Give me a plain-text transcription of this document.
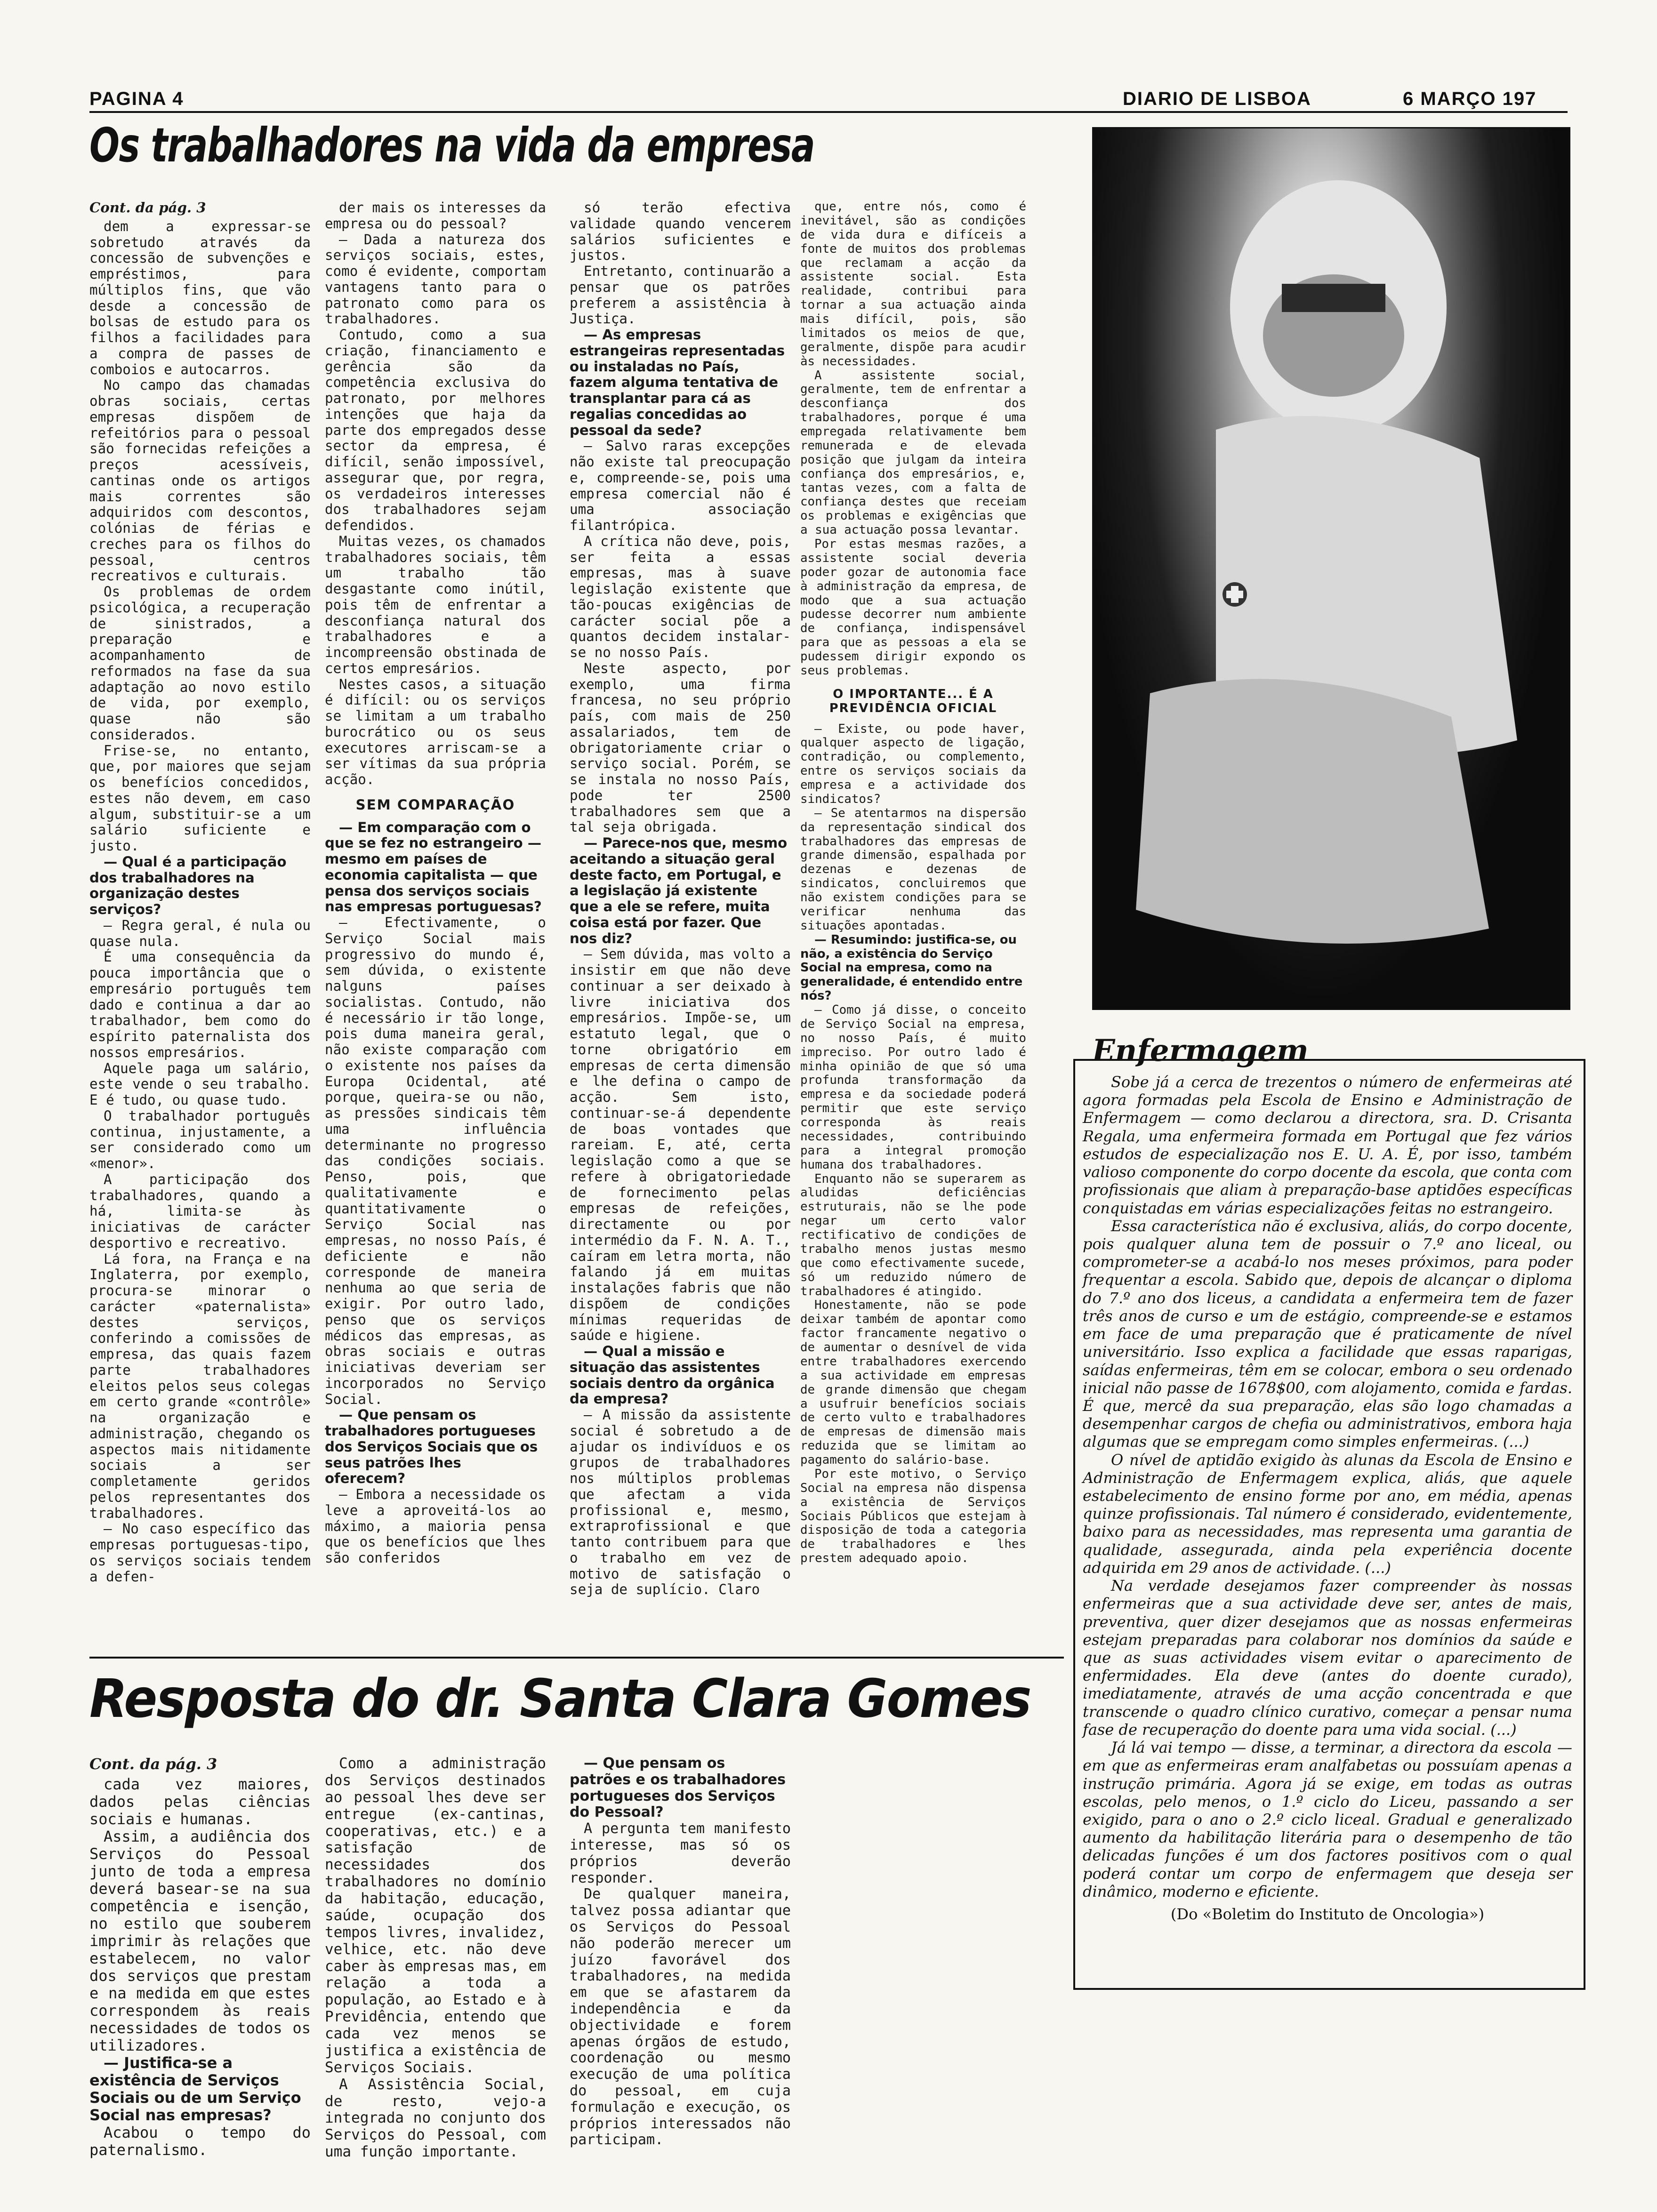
PAGINA 4	DIARIO DE LISBOA	6 MARÇO 197
Os trabalhadores na vida da empresa

Cont. da pág. 3

dem a expressar-se sobretudo através da concessão de subvenções e empréstimos, para múltiplos fins, que vão desde a concessão de bolsas de estudo para os filhos a facilidades para a compra de passes de comboios e autocarros.

No campo das chamadas obras sociais, certas empresas dispõem de refeitórios para o pessoal são fornecidas refeições a preços acessíveis, cantinas onde os artigos mais correntes são adquiridos com descontos, colónias de férias e creches para os filhos do pessoal, centros recreativos e culturais.

Os problemas de ordem psicológica, a recuperação de sinistrados, a preparação e acompanhamento de reformados na fase da sua adaptação ao novo estilo de vida, por exemplo, quase não são considerados.

Frise-se, no entanto, que, por maiores que sejam os benefícios concedidos, estes não devem, em caso algum, substituir-se a um salário suficiente e justo.

— Qual é a participação dos trabalhadores na organização destes serviços?

— Regra geral, é nula ou quase nula.

É uma consequência da pouca importância que o empresário português tem dado e continua a dar ao trabalhador, bem como do espírito paternalista dos nossos empresários.

Aquele paga um salário, este vende o seu trabalho. E é tudo, ou quase tudo.

O trabalhador português continua, injustamente, a ser considerado como um «menor».

A participação dos trabalhadores, quando a há, limita-se às iniciativas de carácter desportivo e recreativo.

Lá fora, na França e na Inglaterra, por exemplo, procura-se minorar o carácter «paternalista» destes serviços, conferindo a comissões de empresa, das quais fazem parte trabalhadores eleitos pelos seus colegas em certo grande «contrôle» na organização e administração, chegando os aspectos mais nitidamente sociais a ser completamente geridos pelos representantes dos trabalhadores.

— No caso específico das empresas portuguesas-tipo, os serviços sociais tendem a defen-

der mais os interesses da empresa ou do pessoal?

— Dada a natureza dos serviços sociais, estes, como é evidente, comportam vantagens tanto para o patronato como para os trabalhadores.

Contudo, como a sua criação, financiamento e gerência são da competência exclusiva do patronato, por melhores intenções que haja da parte dos empregados desse sector da empresa, é difícil, senão impossível, assegurar que, por regra, os verdadeiros interesses dos trabalhadores sejam defendidos.

Muitas vezes, os chamados trabalhadores sociais, têm um trabalho tão desgastante como inútil, pois têm de enfrentar a desconfiança natural dos trabalhadores e a incompreensão obstinada de certos empresários.

Nestes casos, a situação é difícil: ou os serviços se limitam a um trabalho burocrático ou os seus executores arriscam-se a ser vítimas da sua própria acção.

SEM COMPARAÇÃO

— Em comparação com o que se fez no estrangeiro — mesmo em países de economia capitalista — que pensa dos serviços sociais nas empresas portuguesas?

— Efectivamente, o Serviço Social mais progressivo do mundo é, sem dúvida, o existente nalguns países socialistas. Contudo, não é necessário ir tão longe, pois duma maneira geral, não existe comparação com o existente nos países da Europa Ocidental, até porque, queira-se ou não, as pressões sindicais têm uma influência determinante no progresso das condições sociais. Penso, pois, que qualitativamente e quantitativamente o Serviço Social nas empresas, no nosso País, é deficiente e não corresponde de maneira nenhuma ao que seria de exigir. Por outro lado, penso que os serviços médicos das empresas, as obras sociais e outras iniciativas deveriam ser incorporados no Serviço Social.

— Que pensam os trabalhadores portugueses dos Serviços Sociais que os seus patrões lhes oferecem?

— Embora a necessidade os leve a aproveitá-los ao máximo, a maioria pensa que os benefícios que lhes são conferidos

só terão efectiva validade quando vencerem salários suficientes e justos.

Entretanto, continuarão a pensar que os patrões preferem a assistência à Justiça.

— As empresas estrangeiras representadas ou instaladas no País, fazem alguma tentativa de transplantar para cá as regalias concedidas ao pessoal da sede?

— Salvo raras excepções não existe tal preocupação e, compreende-se, pois uma empresa comercial não é uma associação filantrópica.

A crítica não deve, pois, ser feita a essas empresas, mas à suave legislação existente que tão-poucas exigências de carácter social põe a quantos decidem instalar-se no nosso País.

Neste aspecto, por exemplo, uma firma francesa, no seu próprio país, com mais de 250 assalariados, tem de obrigatoriamente criar o serviço social. Porém, se se instala no nosso País, pode ter 2500 trabalhadores sem que a tal seja obrigada.

— Parece-nos que, mesmo aceitando a situação geral deste facto, em Portugal, e a legislação já existente que a ele se refere, muita coisa está por fazer. Que nos diz?

— Sem dúvida, mas volto a insistir em que não deve continuar a ser deixado à livre iniciativa dos empresários. Impõe-se, um estatuto legal, que o torne obrigatório em empresas de certa dimensão e lhe defina o campo de acção. Sem isto, continuar-se-á dependente de boas vontades que rareiam. E, até, certa legislação como a que se refere à obrigatoriedade de fornecimento pelas empresas de refeições, directamente ou por intermédio da F. N. A. T., caíram em letra morta, não falando já em muitas instalações fabris que não dispõem de condições mínimas requeridas de saúde e higiene.

— Qual a missão e situação das assistentes sociais dentro da orgânica da empresa?

— A missão da assistente social é sobretudo a de ajudar os indivíduos e os grupos de trabalhadores nos múltiplos problemas que afectam a vida profissional e, mesmo, extraprofissional e que tanto contribuem para que o trabalho em vez de motivo de satisfação o seja de suplício. Claro

que, entre nós, como é inevitável, são as condições de vida dura e difíceis a fonte de muitos dos problemas que reclamam a acção da assistente social. Esta realidade, contribui para tornar a sua actuação ainda mais difícil, pois, são limitados os meios de que, geralmente, dispõe para acudir às necessidades.

A assistente social, geralmente, tem de enfrentar a desconfiança dos trabalhadores, porque é uma empregada relativamente bem remunerada e de elevada posição que julgam da inteira confiança dos empresários, e, tantas vezes, com a falta de confiança destes que receiam os problemas e exigências que a sua actuação possa levantar.

Por estas mesmas razões, a assistente social deveria poder gozar de autonomia face à administração da empresa, de modo que a sua actuação pudesse decorrer num ambiente de confiança, indispensável para que as pessoas a ela se pudessem dirigir expondo os seus problemas.

O IMPORTANTE... É A PREVIDÊNCIA OFICIAL

— Existe, ou pode haver, qualquer aspecto de ligação, contradição, ou complemento, entre os serviços sociais da empresa e a actividade dos sindicatos?

— Se atentarmos na dispersão da representação sindical dos trabalhadores das empresas de grande dimensão, espalhada por dezenas e dezenas de sindicatos, concluiremos que não existem condições para se verificar nenhuma das situações apontadas.

— Resumindo: justifica-se, ou não, a existência do Serviço Social na empresa, como na generalidade, é entendido entre nós?

— Como já disse, o conceito de Serviço Social na empresa, no nosso País, é muito impreciso. Por outro lado é minha opinião de que só uma profunda transformação da empresa e da sociedade poderá permitir que este serviço corresponda às reais necessidades, contribuindo para a integral promoção humana dos trabalhadores.

Enquanto não se superarem as aludidas deficiências estruturais, não se lhe pode negar um certo valor rectificativo de condições de trabalho menos justas mesmo que como efectivamente sucede, só um reduzido número de trabalhadores é atingido.

Honestamente, não se pode deixar também de apontar como factor francamente negativo o de aumentar o desnível de vida entre trabalhadores exercendo a sua actividade em empresas de grande dimensão que chegam a usufruir benefícios sociais de certo vulto e trabalhadores de empresas de dimensão mais reduzida que se limitam ao pagamento do salário-base.

Por este motivo, o Serviço Social na empresa não dispensa a existência de Serviços Sociais Públicos que estejam à disposição de toda a categoria de trabalhadores e lhes prestem adequado apoio.

Resposta do dr. Santa Clara Gomes

Cont. da pág. 3

cada vez maiores, dados pelas ciências sociais e humanas.

Assim, a audiência dos Serviços do Pessoal junto de toda a empresa deverá basear-se na sua competência e isenção, no estilo que souberem imprimir às relações que estabelecem, no valor dos serviços que prestam e na medida em que estes correspondem às reais necessidades de todos os utilizadores.

— Justifica-se a existência de Serviços Sociais ou de um Serviço Social nas empresas?

Acabou o tempo do paternalismo.

Como a administração dos Serviços destinados ao pessoal lhes deve ser entregue (ex-cantinas, cooperativas, etc.) e a satisfação de necessidades dos trabalhadores no domínio da habitação, educação, saúde, ocupação dos tempos livres, invalidez, velhice, etc. não deve caber às empresas mas, em relação a toda a população, ao Estado e à Previdência, entendo que cada vez menos se justifica a existência de Serviços Sociais.

A Assistência Social, de resto, vejo-a integrada no conjunto dos Serviços do Pessoal, com uma função importante.

— Que pensam os patrões e os trabalhadores portugueses dos Serviços do Pessoal?

A pergunta tem manifesto interesse, mas só os próprios deverão responder.

De qualquer maneira, talvez possa adiantar que os Serviços do Pessoal não poderão merecer um juízo favorável dos trabalhadores, na medida em que se afastarem da independência e da objectividade e forem apenas órgãos de estudo, coordenação ou mesmo execução de uma política do pessoal, em cuja formulação e execução, os próprios interessados não participam.

Enfermagem

Sobe já a cerca de trezentos o número de enfermeiras até agora formadas pela Escola de Ensino e Administração de Enfermagem — como declarou a directora, sra. D. Crisanta Regala, uma enfermeira formada em Portugal que fez vários estudos de especialização nos E. U. A. É, por isso, também valioso componente do corpo docente da escola, que conta com profissionais que aliam à preparação-base aptidões específicas conquistadas em várias especializações feitas no estrangeiro.

Essa característica não é exclusiva, aliás, do corpo docente, pois qualquer aluna tem de possuir o 7.º ano liceal, ou comprometer-se a acabá-lo nos meses próximos, para poder frequentar a escola. Sabido que, depois de alcançar o diploma do 7.º ano dos liceus, a candidata a enfermeira tem de fazer três anos de curso e um de estágio, compreende-se e estamos em face de uma preparação que é praticamente de nível universitário. Isso explica a facilidade que essas raparigas, saídas enfermeiras, têm em se colocar, embora o seu ordenado inicial não passe de 1678$00, com alojamento, comida e fardas. É que, mercê da sua preparação, elas são logo chamadas a desempenhar cargos de chefia ou administrativos, embora haja algumas que se empregam como simples enfermeiras. (...)

O nível de aptidão exigido às alunas da Escola de Ensino e Administração de Enfermagem explica, aliás, que aquele estabelecimento de ensino forme por ano, em média, apenas quinze profissionais. Tal número é considerado, evidentemente, baixo para as necessidades, mas representa uma garantia de qualidade, assegurada, ainda pela experiência docente adquirida em 29 anos de actividade. (...)

Na verdade desejamos fazer compreender às nossas enfermeiras que a sua actividade deve ser, antes de mais, preventiva, quer dizer desejamos que as nossas enfermeiras estejam preparadas para colaborar nos domínios da saúde e que as suas actividades visem evitar o aparecimento de enfermidades. Ela deve (antes do doente curado), imediatamente, através de uma acção concentrada e que transcende o quadro clínico curativo, começar a pensar numa fase de recuperação do doente para uma vida social. (...)

Já lá vai tempo — disse, a terminar, a directora da escola — em que as enfermeiras eram analfabetas ou possuíam apenas a instrução primária. Agora já se exige, em todas as outras escolas, pelo menos, o 1.º ciclo do Liceu, passando a ser exigido, para o ano o 2.º ciclo liceal. Gradual e generalizado aumento da habilitação literária para o desempenho de tão delicadas funções é um dos factores positivos com o qual poderá contar um corpo de enfermagem que deseja ser dinâmico, moderno e eficiente.

(Do «Boletim do Instituto de Oncologia»)
